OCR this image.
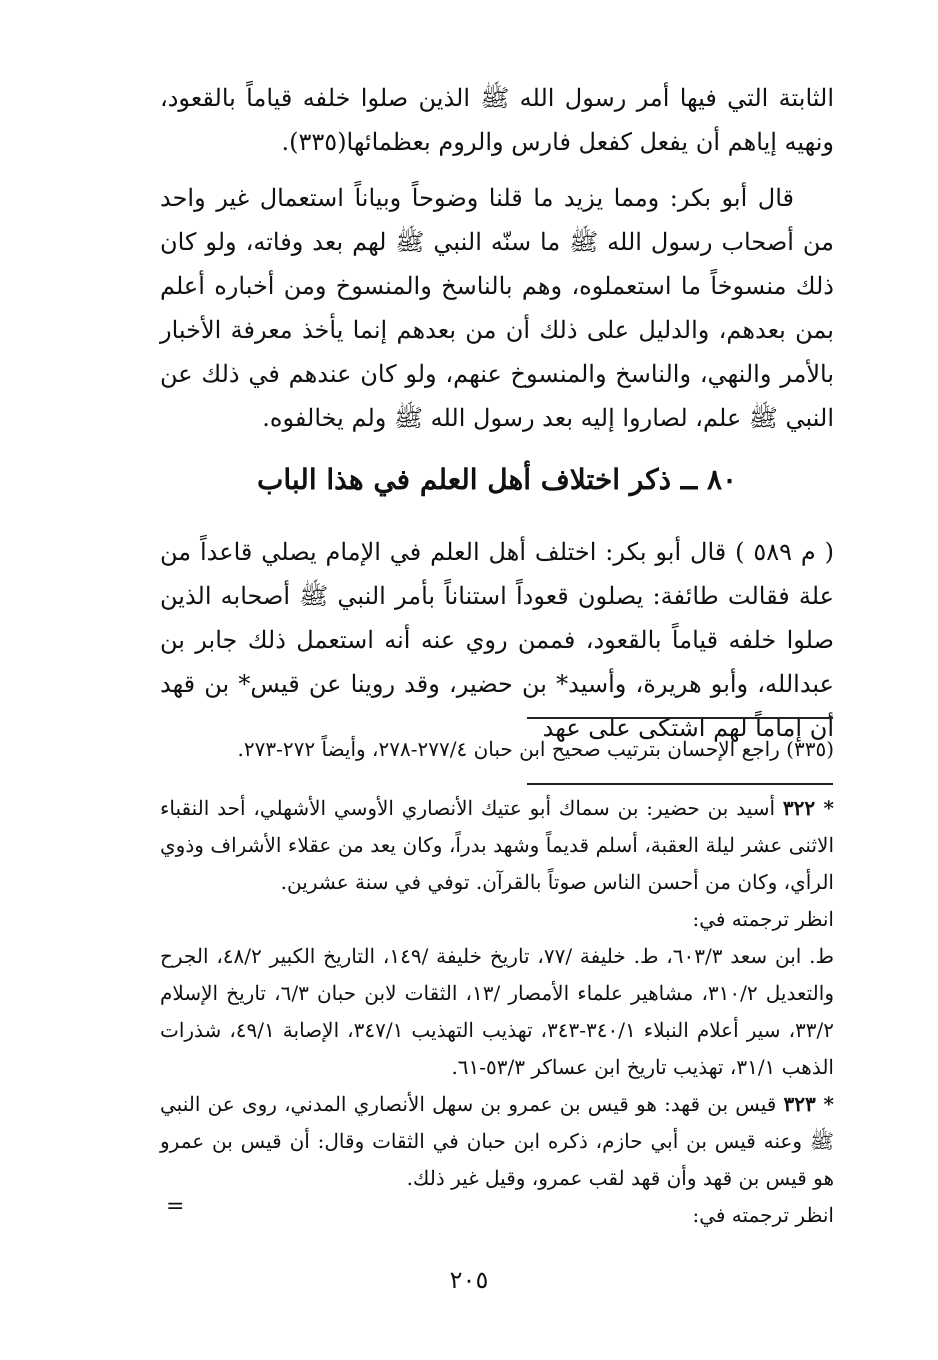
الثابتة التي فيها أمر رسول الله ﷺ الذين صلوا خلفه قياماً بالقعود، ونهيه إياهم أن يفعل كفعل فارس والروم بعظمائها(٣٣٥).

قال أبو بكر: ومما يزيد ما قلنا وضوحاً وبياناً استعمال غير واحد من أصحاب رسول الله ﷺ ما سنّه النبي ﷺ لهم بعد وفاته، ولو كان ذلك منسوخاً ما استعملوه، وهم بالناسخ والمنسوخ ومن أخباره أعلم بمن بعدهم، والدليل على ذلك أن من بعدهم إنما يأخذ معرفة الأخبار بالأمر والنهي، والناسخ والمنسوخ عنهم، ولو كان عندهم في ذلك عن النبي ﷺ علم، لصاروا إليه بعد رسول الله ﷺ ولم يخالفوه.

٨٠ ــ ذكر اختلاف أهل العلم في هذا الباب

( م ٥٨٩ ) قال أبو بكر: اختلف أهل العلم في الإمام يصلي قاعداً من علة فقالت طائفة: يصلون قعوداً استناناً بأمر النبي ﷺ أصحابه الذين صلوا خلفه قياماً بالقعود، فممن روي عنه أنه استعمل ذلك جابر بن عبدالله، وأبو هريرة، وأسيد* بن حضير، وقد روينا عن قيس* بن قهد أن إماماً لهم اشتكى على عهد

(٣٣٥) راجع الإحسان بترتيب صحيح ابن حبان ٢٧٧/٤-٢٧٨، وأيضاً ٢٧٢-٢٧٣.

* ٣٢٢ أسيد بن حضير: بن سماك أبو عتيك الأنصاري الأوسي الأشهلي، أحد النقباء الاثنى عشر ليلة العقبة، أسلم قديماً وشهد بدراً، وكان يعد من عقلاء الأشراف وذوي الرأي، وكان من أحسن الناس صوتاً بالقرآن. توفي في سنة عشرين.

انظر ترجمته في:

ط. ابن سعد ٦٠٣/٣، ط. خليفة /٧٧، تاريخ خليفة /١٤٩، التاريخ الكبير ٤٨/٢، الجرح والتعديل ٣١٠/٢، مشاهير علماء الأمصار /١٣، الثقات لابن حبان ٦/٣، تاريخ الإسلام ٣٣/٢، سير أعلام النبلاء ٣٤٠/١-٣٤٣، تهذيب التهذيب ٣٤٧/١، الإصابة ٤٩/١، شذرات الذهب ٣١/١، تهذيب تاريخ ابن عساكر ٥٣/٣-٦١.

* ٣٢٣ قيس بن قهد: هو قيس بن عمرو بن سهل الأنصاري المدني، روى عن النبي ﷺ وعنه قيس بن أبي حازم، ذكره ابن حبان في الثقات وقال: أن قيس بن عمرو هو قيس بن قهد وأن قهد لقب عمرو، وقيل غير ذلك.

انظر ترجمته في:

=
٢٠٥
